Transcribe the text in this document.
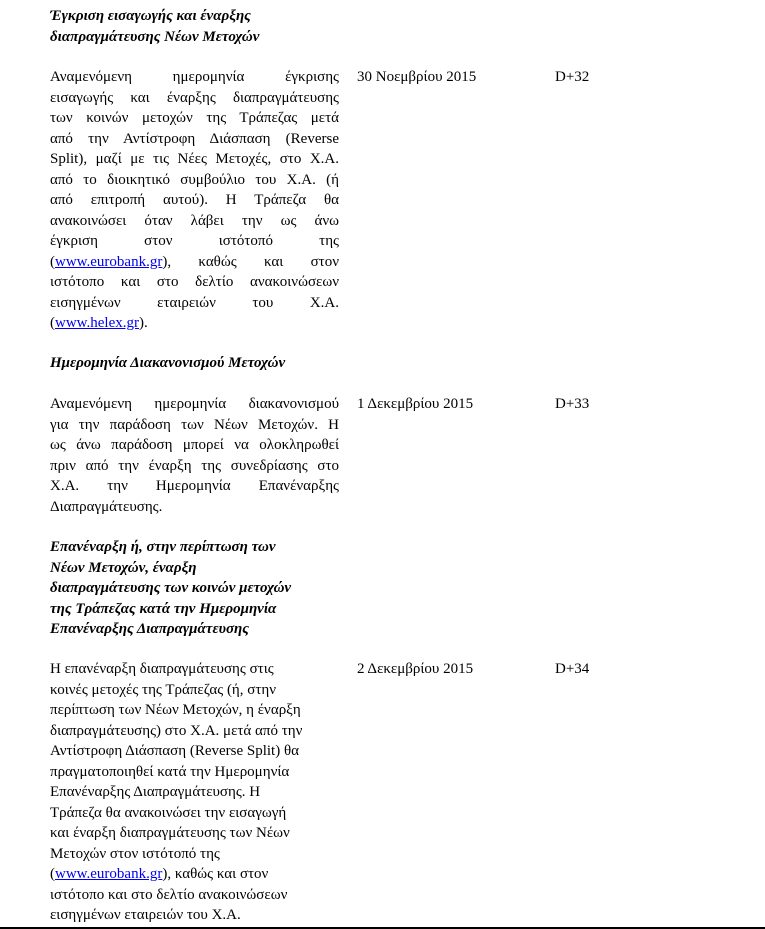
Έγκριση εισαγωγής και έναρξης
διαπραγμάτευσης Νέων Μετοχών
Αναμενόμενη ημερομηνία έγκρισης
εισαγωγής και έναρξης διαπραγμάτευσης
των κοινών μετοχών της Τράπεζας μετά
από την Αντίστροφη Διάσπαση (Reverse
Split), μαζί με τις Νέες Μετοχές, στο Χ.Α.
από το διοικητικό συμβούλιο του Χ.Α. (ή
από επιτροπή αυτού). Η Τράπεζα θα
ανακοινώσει όταν λάβει την ως άνω
έγκριση στον ιστότοπό της
(www.eurobank.gr), καθώς και στον
ιστότοπο και στο δελτίο ανακοινώσεων
εισηγμένων εταιρειών του Χ.Α.
(www.helex.gr).
30 Νοεμβρίου 2015	D+32
Ημερομηνία Διακανονισμού Μετοχών
Αναμενόμενη ημερομηνία διακανονισμού
για την παράδοση των Νέων Μετοχών. Η
ως άνω παράδοση μπορεί να ολοκληρωθεί
πριν από την έναρξη της συνεδρίασης στο
Χ.Α. την Ημερομηνία Επανέναρξης
Διαπραγμάτευσης.
1 Δεκεμβρίου 2015	D+33
Επανέναρξη ή, στην περίπτωση των
Νέων Μετοχών, έναρξη
διαπραγμάτευσης των κοινών μετοχών
της Τράπεζας κατά την Ημερομηνία
Επανέναρξης Διαπραγμάτευσης
Η επανέναρξη διαπραγμάτευσης στις
κοινές μετοχές της Τράπεζας (ή, στην
περίπτωση των Νέων Μετοχών, η έναρξη
διαπραγμάτευσης) στο Χ.Α. μετά από την
Αντίστροφη Διάσπαση (Reverse Split) θα
πραγματοποιηθεί κατά την Ημερομηνία
Επανέναρξης Διαπραγμάτευσης. Η
Τράπεζα θα ανακοινώσει την εισαγωγή
και έναρξη διαπραγμάτευσης των Νέων
Μετοχών στον ιστότοπό της
(www.eurobank.gr), καθώς και στον
ιστότοπο και στο δελτίο ανακοινώσεων
εισηγμένων εταιρειών του Χ.Α.
2 Δεκεμβρίου 2015	D+34
